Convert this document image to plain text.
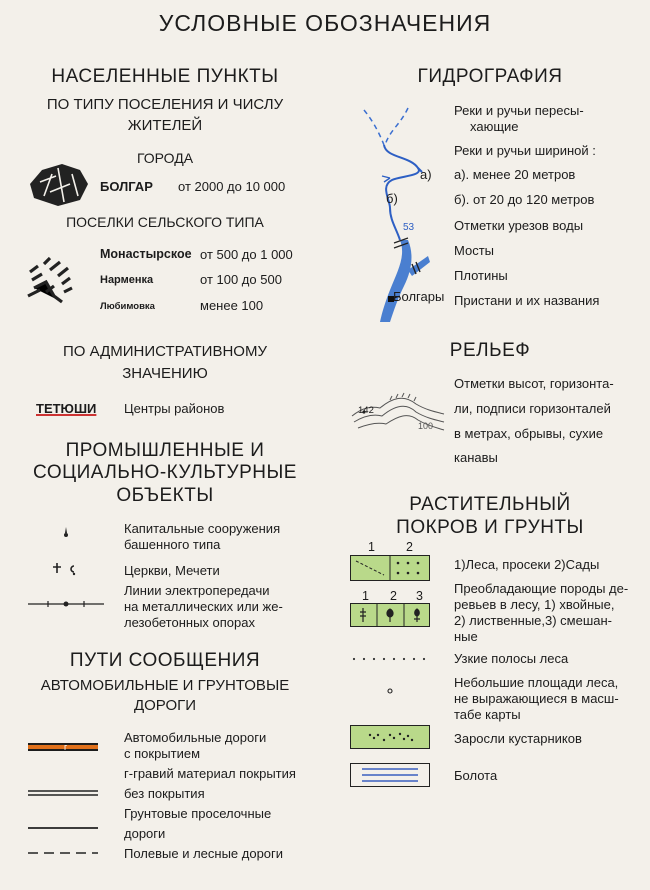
УСЛОВНЫЕ ОБОЗНАЧЕНИЯ
НАСЕЛЕННЫЕ ПУНКТЫ
ПО ТИПУ ПОСЕЛЕНИЯ И ЧИСЛУ
ЖИТЕЛЕЙ
ГОРОДА
БОЛГАР от 2000 до 10 000
ПОСЕЛКИ СЕЛЬСКОГО ТИПА
Монастырское от 500 до 1 000
Нарменка	от 100 до 500
Любимовка	менее 100
ПО АДМИНИСТРАТИВНОМУ
ЗНАЧЕНИЮ
ТЕТЮШИ Центры районов
ПРОМЫШЛЕННЫЕ И
СОЦИАЛЬНО-КУЛЬТУРНЫЕ
ОБЪЕКТЫ
Капитальные сооружения
башенного типа
Церкви, Мечети
Линии электропередачи
на металлических или же-
лезобетонных опорах
ПУТИ СООБЩЕНИЯ
АВТОМОБИЛЬНЫЕ И ГРУНТОВЫЕ
ДОРОГИ
г
Автомобильные дороги
с покрытием
г-гравий материал покрытия
без покрытия
Грунтовые проселочные
дороги
Полевые и лесные дороги
ГИДРОГРАФИЯ
а)
б)
53
Болгары
Реки и ручьи пересы-
хающие
Реки и ручьи шириной :
а). менее 20 метров
б). от 20 до 120 метров
Отметки урезов воды
Мосты
Плотины
Пристани и их названия
РЕЛЬЕФ
142
100
Отметки высот, горизонта-
ли, подписи горизонталей
в метрах, обрывы, сухие
канавы
РАСТИТЕЛЬНЫЙ
ПОКРОВ И ГРУНТЫ
1 2
1)Леса, просеки 2)Сады
1 2 3 Преобладающие породы де-
ревьев в лесу, 1) хвойные,
2) лиственные,3) смешан-
ные
Узкие полосы леса
Небольшие площади леса,
не выражающиеся в масш-
табе карты
Заросли кустарников
Болота
